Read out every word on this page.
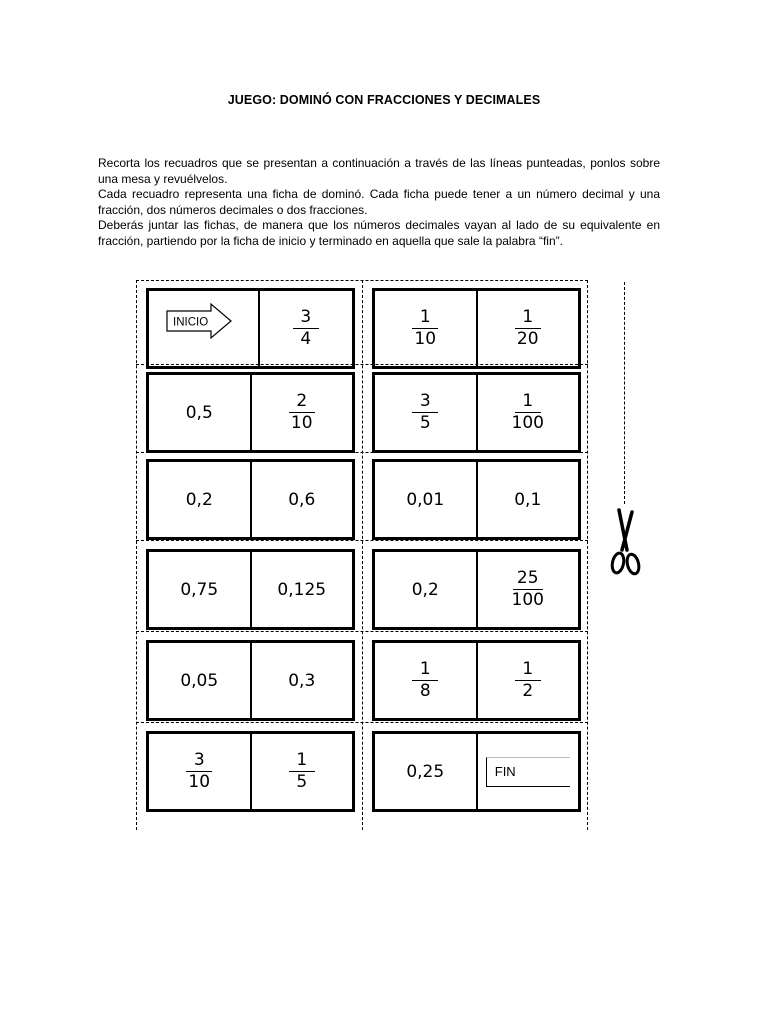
JUEGO: DOMINÓ CON FRACCIONES Y DECIMALES

Recorta los recuadros que se presentan a continuación a través de las líneas punteadas, ponlos sobre una mesa y revuélvelos.

Cada recuadro representa una ficha de dominó. Cada ficha puede tener a un número decimal y una fracción, dos números decimales o dos fracciones.

Deberás juntar las fichas, de manera que los números decimales vayan al lado de su equivalente en fracción, partiendo por la ficha de inicio y terminado en aquella que sale la palabra “fin”.

INICIO	$\frac{3}{4}$	$\frac{1}{10}$	$\frac{1}{20}$
0,5	$\frac{2}{10}$	$\frac{3}{5}$	$\frac{1}{100}$
0,2	0,6	0,01	0,1
0,75	0,125	0,2	$\frac{25}{100}$
0,05	0,3	$\frac{1}{8}$	$\frac{1}{2}$
$\frac{3}{10}$	$\frac{1}{5}$	0,25	FIN
